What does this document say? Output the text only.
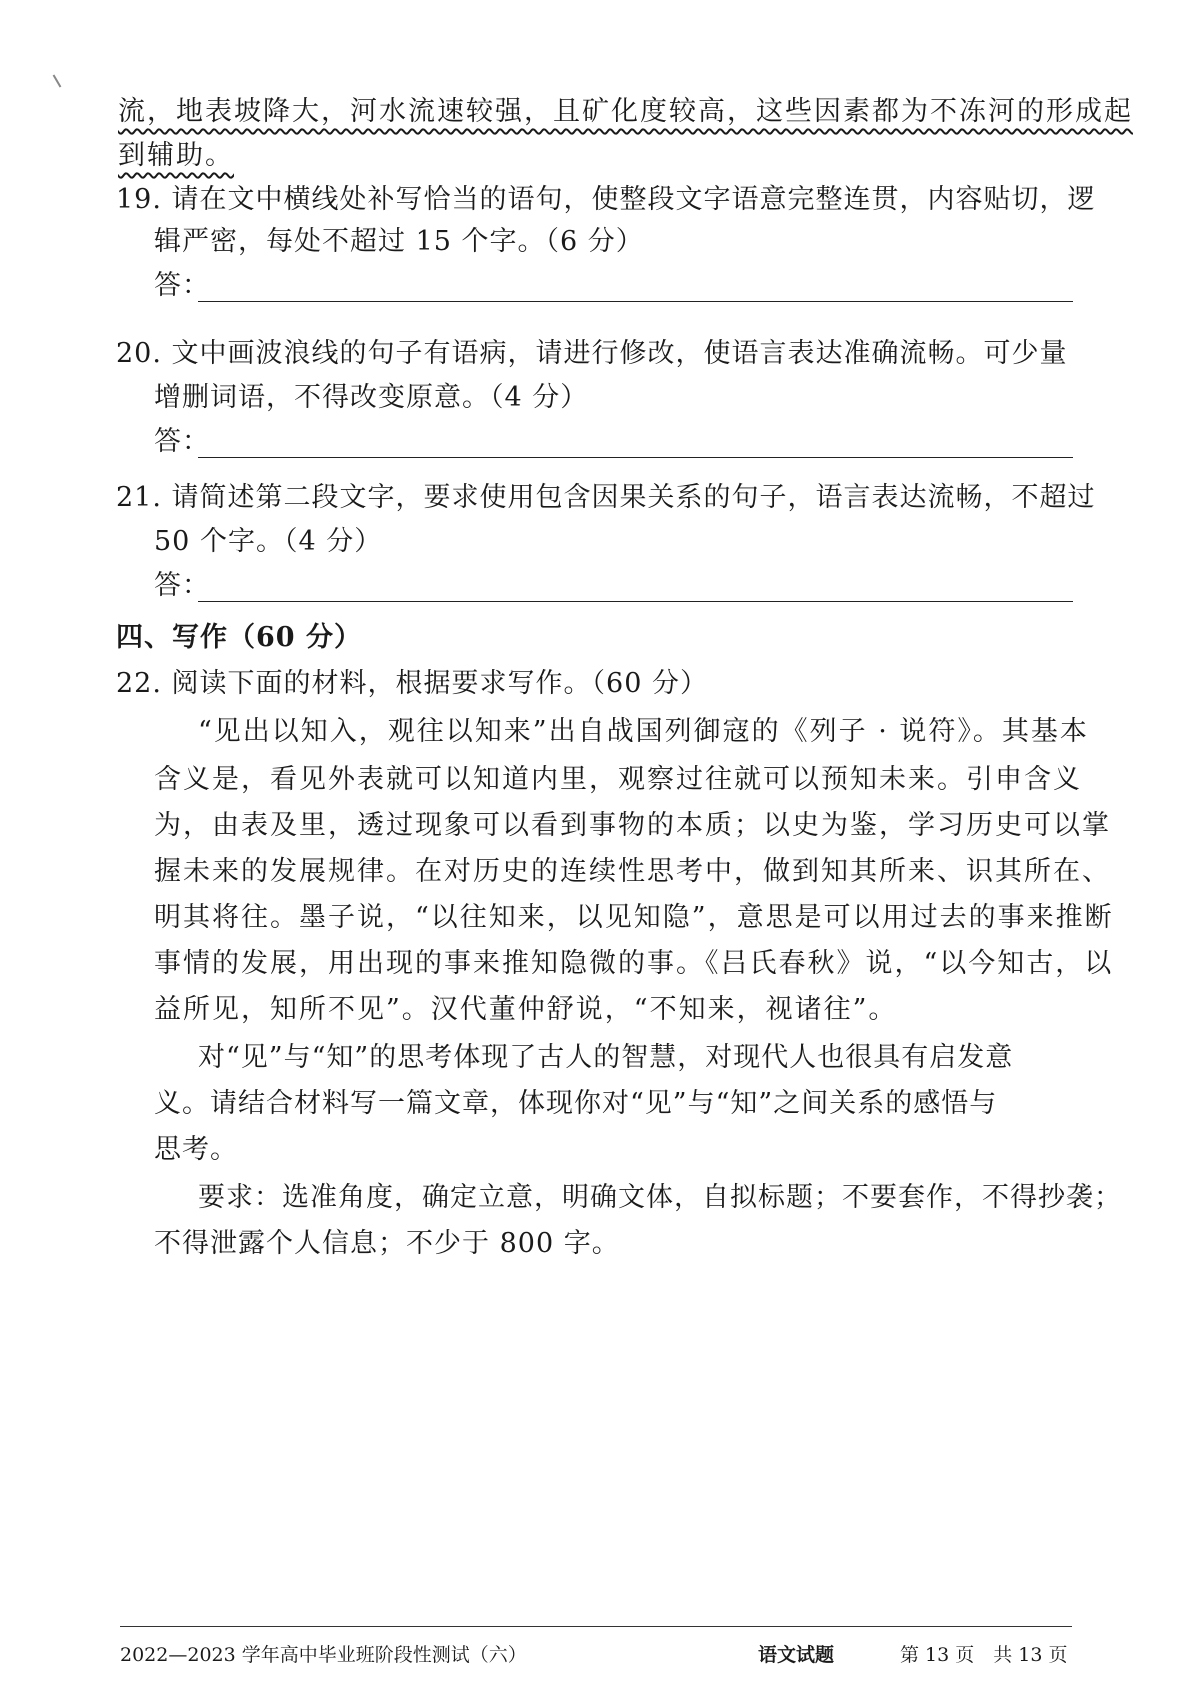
流，地表坡降大，河水流速较强，且矿化度较高，这些因素都为不冻河的形成起
到辅助。
19. 请在文中横线处补写恰当的语句，使整段文字语意完整连贯，内容贴切，逻
辑严密，每处不超过 15 个字。（6 分）
答：
20. 文中画波浪线的句子有语病，请进行修改，使语言表达准确流畅。可少量
增删词语，不得改变原意。（4 分）
答：
21. 请简述第二段文字，要求使用包含因果关系的句子，语言表达流畅，不超过
50 个字。（4 分）
答：
四、写作（60 分）
22. 阅读下面的材料，根据要求写作。（60 分）
“见出以知入，观往以知来”出自战国列御寇的《列子 · 说符》。其基本
含义是，看见外表就可以知道内里，观察过往就可以预知未来。引申含义
为，由表及里，透过现象可以看到事物的本质；以史为鉴，学习历史可以掌
握未来的发展规律。在对历史的连续性思考中，做到知其所来、识其所在、
明其将往。墨子说，“以往知来，以见知隐”，意思是可以用过去的事来推断
事情的发展，用出现的事来推知隐微的事。《吕氏春秋》说，“以今知古，以
益所见，知所不见”。汉代董仲舒说，“不知来，视诸往”。
对“见”与“知”的思考体现了古人的智慧，对现代人也很具有启发意
义。请结合材料写一篇文章，体现你对“见”与“知”之间关系的感悟与
思考。
要求：选准角度，确定立意，明确文体，自拟标题；不要套作，不得抄袭；
不得泄露个人信息；不少于 800 字。
2022—2023 学年高中毕业班阶段性测试（六）	语文试题	第 13 页　共 13 页
